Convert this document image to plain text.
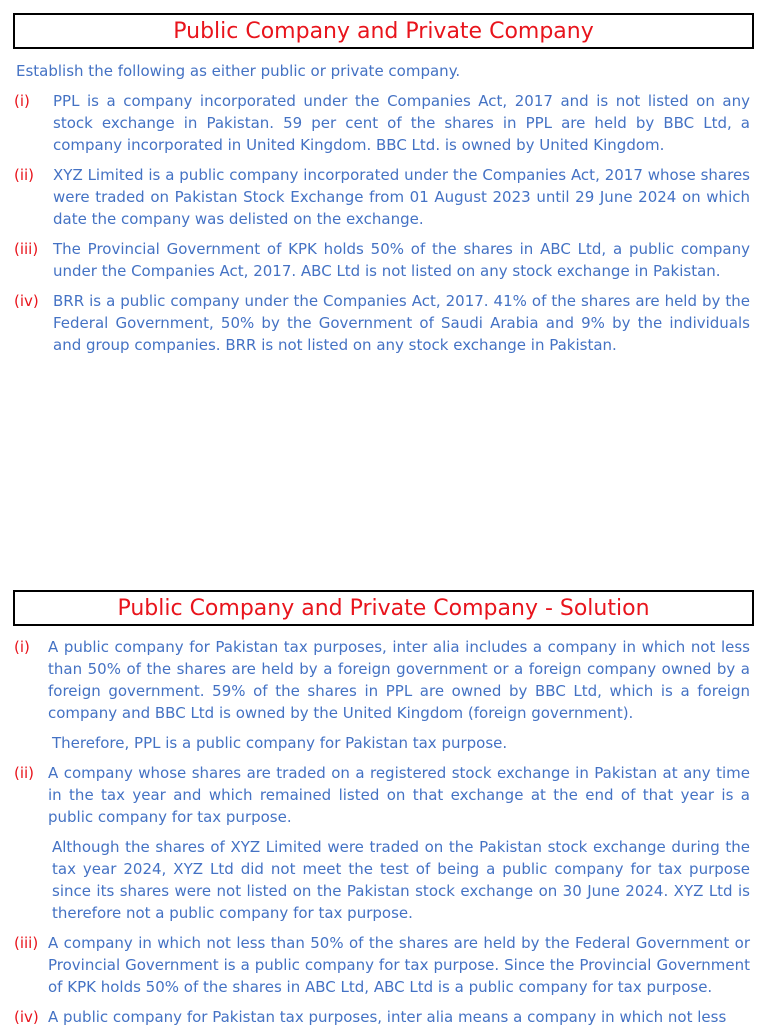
Public Company and Private Company
Establish the following as either public or private company.
(i)	PPL is a company incorporated under the Companies Act, 2017 and is not listed on any stock exchange in Pakistan. 59 per cent of the shares in PPL are held by BBC Ltd, a company incorporated in United Kingdom. BBC Ltd. is owned by United Kingdom.
(ii)	XYZ Limited is a public company incorporated under the Companies Act, 2017 whose shares were traded on Pakistan Stock Exchange from 01 August 2023 until 29 June 2024 on which date the company was delisted on the exchange.
(iii) The Provincial Government of KPK holds 50% of the shares in ABC Ltd, a public company under the Companies Act, 2017. ABC Ltd is not listed on any stock exchange in Pakistan.
(iv) BRR is a public company under the Companies Act, 2017. 41% of the shares are held by the Federal Government, 50% by the Government of Saudi Arabia and 9% by the individuals and group companies. BRR is not listed on any stock exchange in Pakistan.
Public Company and Private Company - Solution
(i)	A public company for Pakistan tax purposes, inter alia includes a company in which not less than 50% of the shares are held by a foreign government or a foreign company owned by a foreign government. 59% of the shares in PPL are owned by BBC Ltd, which is a foreign company and BBC Ltd is owned by the United Kingdom (foreign government).
Therefore, PPL is a public company for Pakistan tax purpose.
(ii) A company whose shares are traded on a registered stock exchange in Pakistan at any time in the tax year and which remained listed on that exchange at the end of that year is a public company for tax purpose.
Although the shares of XYZ Limited were traded on the Pakistan stock exchange during the tax year 2024, XYZ Ltd did not meet the test of being a public company for tax purpose since its shares were not listed on the Pakistan stock exchange on 30 June 2024. XYZ Ltd is therefore not a public company for tax purpose.
(iii) A company in which not less than 50% of the shares are held by the Federal Government or Provincial Government is a public company for tax purpose. Since the Provincial Government of KPK holds 50% of the shares in ABC Ltd, ABC Ltd is a public company for tax purpose.
(iv) A public company for Pakistan tax purposes, inter alia means a company in which not less
